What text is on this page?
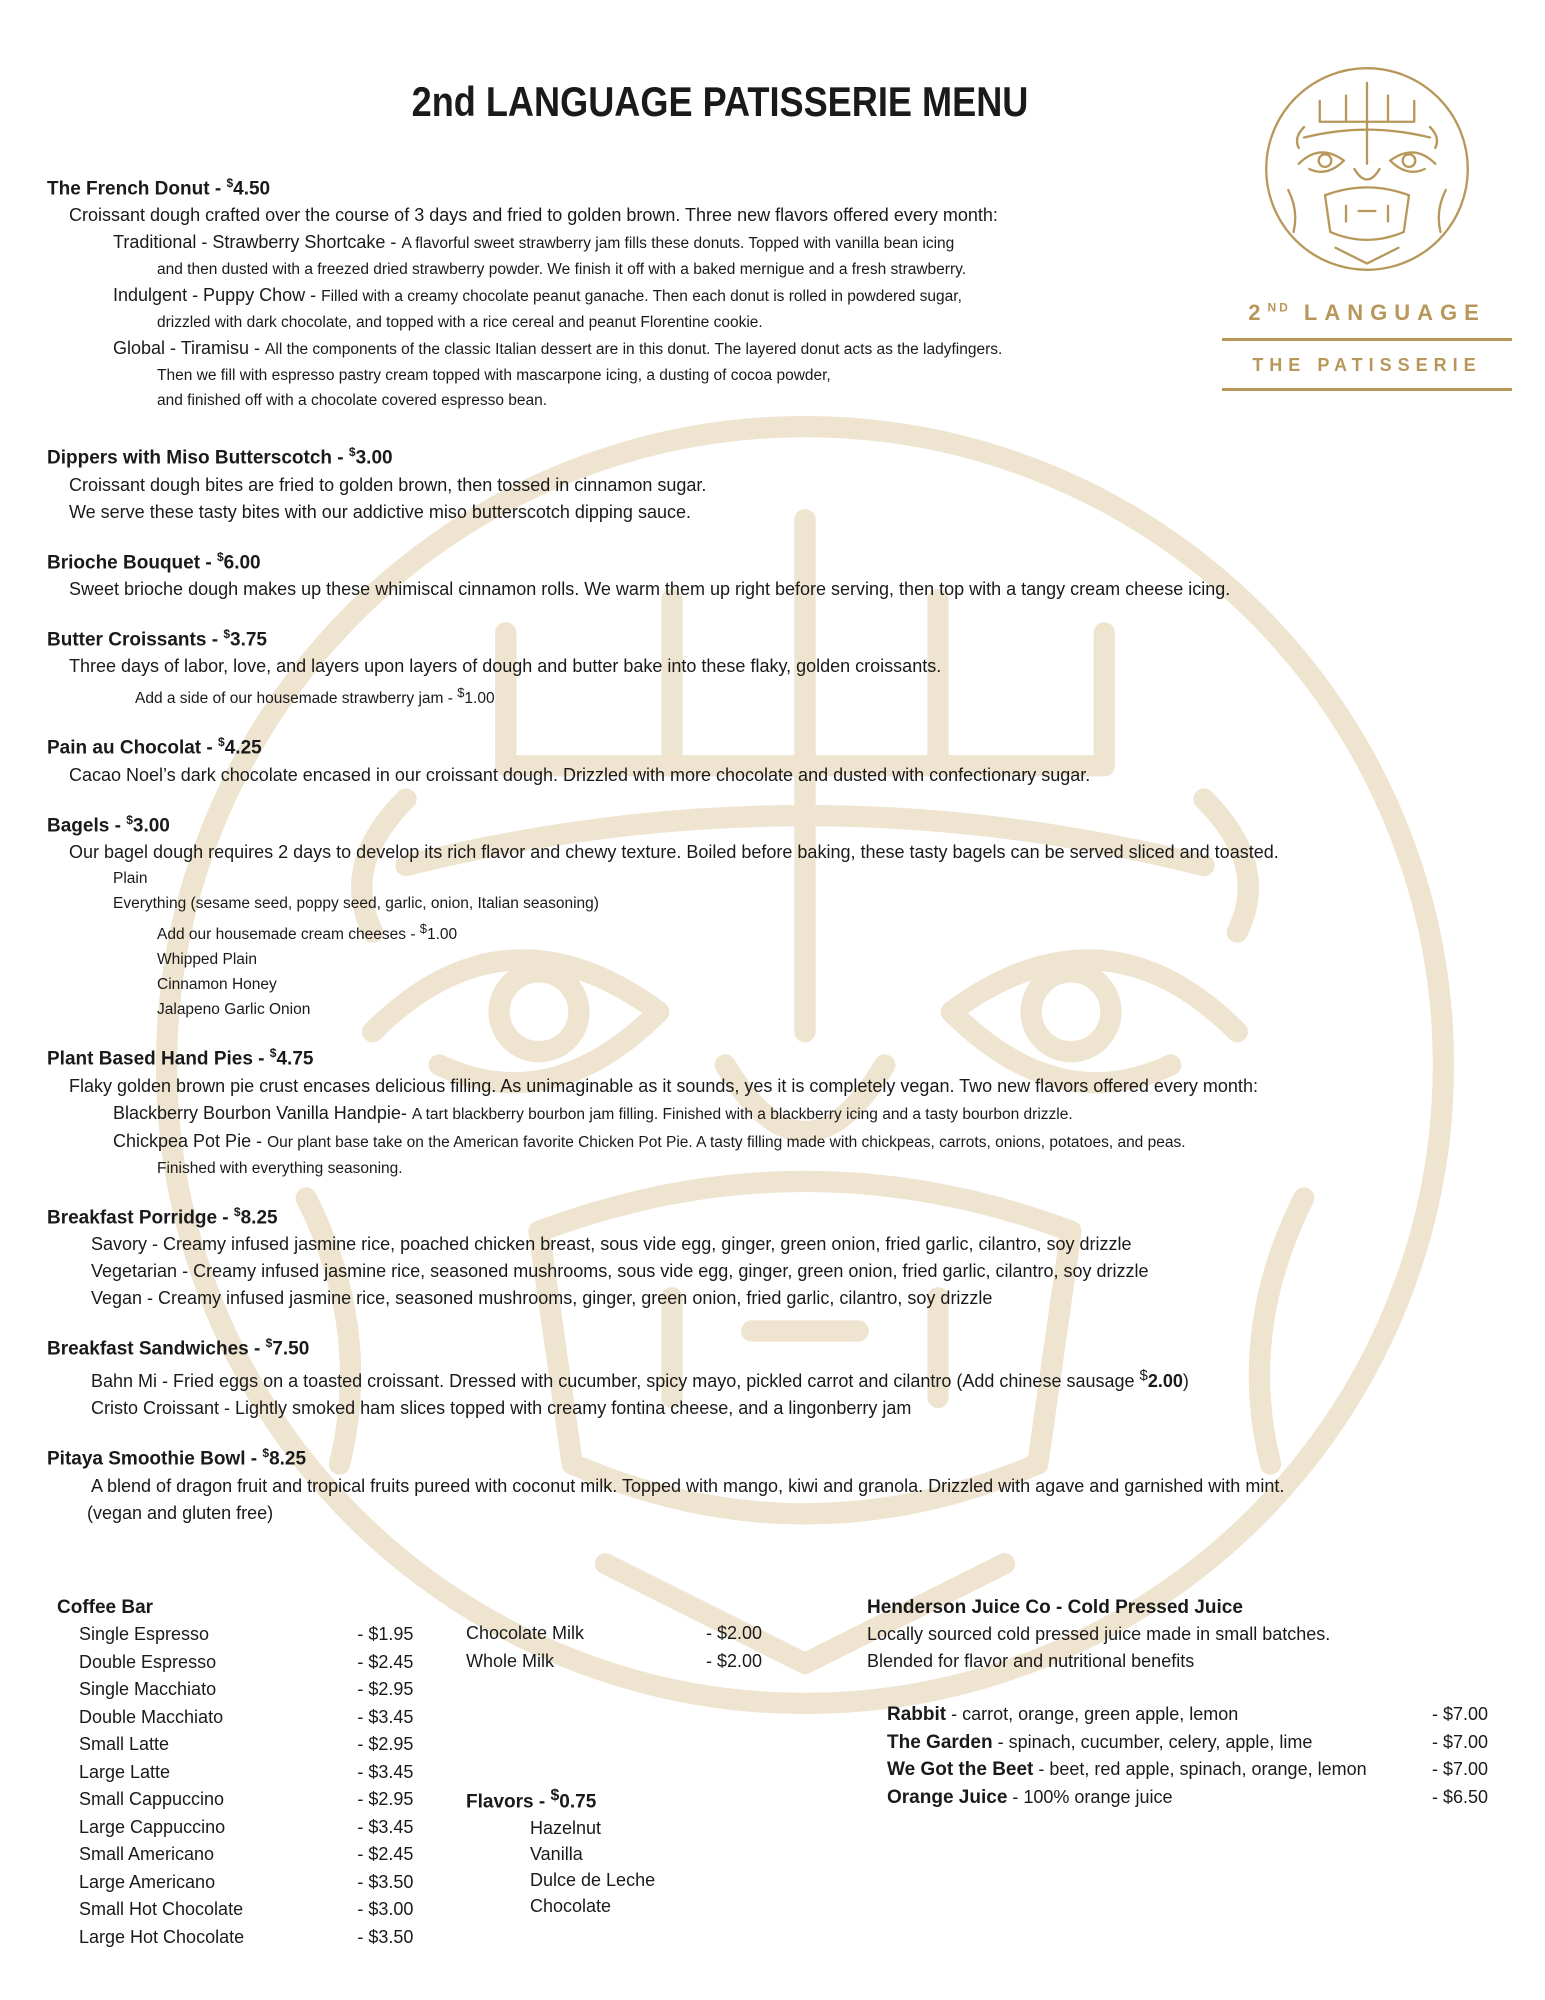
2nd LANGUAGE PATISSERIE MENU
2ND LANGUAGE
THE PATISSERIE
The French Donut - $4.50
Croissant dough crafted over the course of 3 days and fried to golden brown. Three new flavors offered every month:
Traditional - Strawberry Shortcake - A flavorful sweet strawberry jam fills these donuts. Topped with vanilla bean icing
and then dusted with a freezed dried strawberry powder. We finish it off with a baked mernigue and a fresh strawberry.
Indulgent - Puppy Chow - Filled with a creamy chocolate peanut ganache. Then each donut is rolled in powdered sugar,
drizzled with dark chocolate, and topped with a rice cereal and peanut Florentine cookie.
Global - Tiramisu - All the components of the classic Italian dessert are in this donut. The layered donut acts as the ladyfingers.
Then we fill with espresso pastry cream topped with mascarpone icing, a dusting of cocoa powder,
and finished off with a chocolate covered espresso bean.
Dippers with Miso Butterscotch - $3.00
Croissant dough bites are fried to golden brown, then tossed in cinnamon sugar.
We serve these tasty bites with our addictive miso butterscotch dipping sauce.
Brioche Bouquet - $6.00
Sweet brioche dough makes up these whimiscal cinnamon rolls. We warm them up right before serving, then top with a tangy cream cheese icing.
Butter Croissants - $3.75
Three days of labor, love, and layers upon layers of dough and butter bake into these flaky, golden croissants.
Add a side of our housemade strawberry jam - $1.00
Pain au Chocolat - $4.25
Cacao Noel’s dark chocolate encased in our croissant dough. Drizzled with more chocolate and dusted with confectionary sugar.
Bagels - $3.00
Our bagel dough requires 2 days to develop its rich flavor and chewy texture. Boiled before baking, these tasty bagels can be served sliced and toasted.
Plain
Everything (sesame seed, poppy seed, garlic, onion, Italian seasoning)
Add our housemade cream cheeses - $1.00
Whipped Plain
Cinnamon Honey
Jalapeno Garlic Onion
Plant Based Hand Pies - $4.75
Flaky golden brown pie crust encases delicious filling. As unimaginable as it sounds, yes it is completely vegan. Two new flavors offered every month:
Blackberry Bourbon Vanilla Handpie- A tart blackberry bourbon jam filling. Finished with a blackberry icing and a tasty bourbon drizzle.
Chickpea Pot Pie - Our plant base take on the American favorite Chicken Pot Pie. A tasty filling made with chickpeas, carrots, onions, potatoes, and peas.
Finished with everything seasoning.
Breakfast Porridge - $8.25
Savory - Creamy infused jasmine rice, poached chicken breast, sous vide egg, ginger, green onion, fried garlic, cilantro, soy drizzle
Vegetarian - Creamy infused jasmine rice, seasoned mushrooms, sous vide egg, ginger, green onion, fried garlic, cilantro, soy drizzle
Vegan - Creamy infused jasmine rice, seasoned mushrooms, ginger, green onion, fried garlic, cilantro, soy drizzle
Breakfast Sandwiches - $7.50
Bahn Mi - Fried eggs on a toasted croissant. Dressed with cucumber, spicy mayo, pickled carrot and cilantro (Add chinese sausage $2.00)
Cristo Croissant - Lightly smoked ham slices topped with creamy fontina cheese, and a lingonberry jam
Pitaya Smoothie Bowl - $8.25
A blend of dragon fruit and tropical fruits pureed with coconut milk. Topped with mango, kiwi and granola. Drizzled with agave and garnished with mint.
(vegan and gluten free)
Coffee Bar
Single Espresso	- $1.95
Double Espresso	- $2.45
Single Macchiato	- $2.95
Double Macchiato	- $3.45
Small Latte	- $2.95
Large Latte	- $3.45
Small Cappuccino	- $2.95
Large Cappuccino	- $3.45
Small Americano	- $2.45
Large Americano	- $3.50
Small Hot Chocolate	- $3.00
Large Hot Chocolate	- $3.50
Chocolate Milk	- $2.00
Whole Milk	- $2.00
Flavors - $0.75
Hazelnut
Vanilla
Dulce de Leche
Chocolate
Henderson Juice Co - Cold Pressed Juice
Locally sourced cold pressed juice made in small batches.
Blended for flavor and nutritional benefits
Rabbit - carrot, orange, green apple, lemon	- $7.00
The Garden - spinach, cucumber, celery, apple, lime	- $7.00
We Got the Beet - beet, red apple, spinach, orange, lemon	- $7.00
Orange Juice - 100% orange juice	- $6.50
